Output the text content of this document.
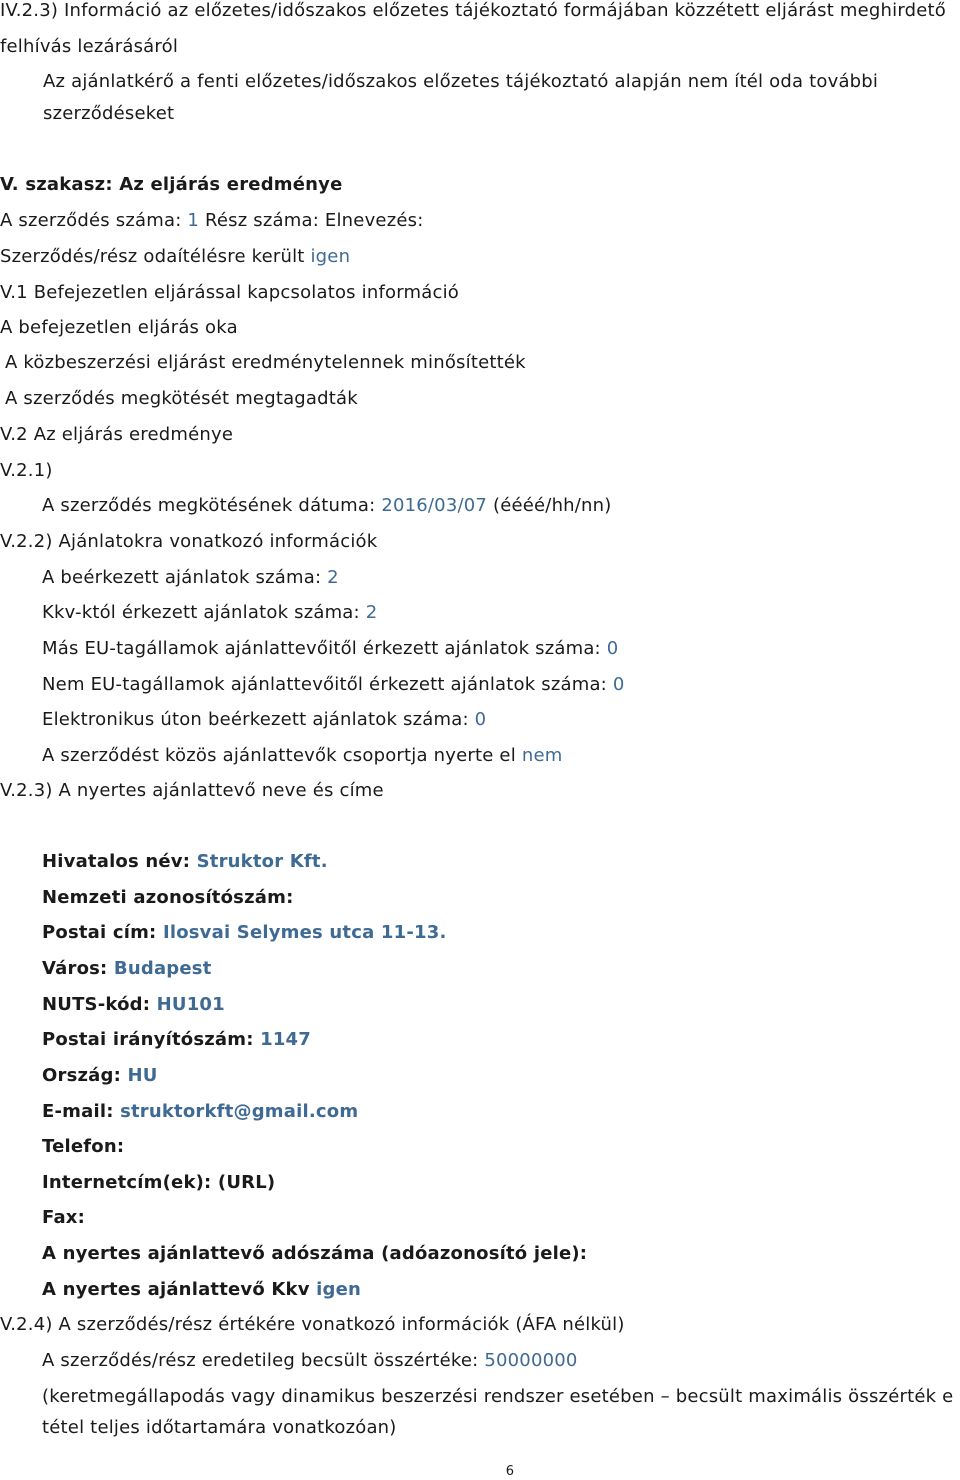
IV.2.3) Információ az előzetes/időszakos előzetes tájékoztató formájában közzétett eljárást meghirdető
felhívás lezárásáról
Az ajánlatkérő a fenti előzetes/időszakos előzetes tájékoztató alapján nem ítél oda további
szerződéseket
V. szakasz: Az eljárás eredménye
A szerződés száma: 1 Rész száma: Elnevezés:
Szerződés/rész odaítélésre került igen
V.1 Befejezetlen eljárással kapcsolatos információ
A befejezetlen eljárás oka
A közbeszerzési eljárást eredménytelennek minősítették
A szerződés megkötését megtagadták
V.2 Az eljárás eredménye
V.2.1)
A szerződés megkötésének dátuma: 2016/03/07 (éééé/hh/nn)
V.2.2) Ajánlatokra vonatkozó információk
A beérkezett ajánlatok száma: 2
Kkv-któl érkezett ajánlatok száma: 2
Más EU-tagállamok ajánlattevőitől érkezett ajánlatok száma: 0
Nem EU-tagállamok ajánlattevőitől érkezett ajánlatok száma: 0
Elektronikus úton beérkezett ajánlatok száma: 0
A szerződést közös ajánlattevők csoportja nyerte el nem
V.2.3) A nyertes ajánlattevő neve és címe
Hivatalos név: Struktor Kft.
Nemzeti azonosítószám:
Postai cím: Ilosvai Selymes utca 11-13.
Város: Budapest
NUTS-kód: HU101
Postai irányítószám: 1147
Ország: HU
E-mail: struktorkft@gmail.com
Telefon:
Internetcím(ek): (URL)
Fax:
A nyertes ajánlattevő adószáma (adóazonosító jele):
A nyertes ajánlattevő Kkv igen
V.2.4) A szerződés/rész értékére vonatkozó információk (ÁFA nélkül)
A szerződés/rész eredetileg becsült összértéke: 50000000
(keretmegállapodás vagy dinamikus beszerzési rendszer esetében – becsült maximális összérték e
tétel teljes időtartamára vonatkozóan)
6
